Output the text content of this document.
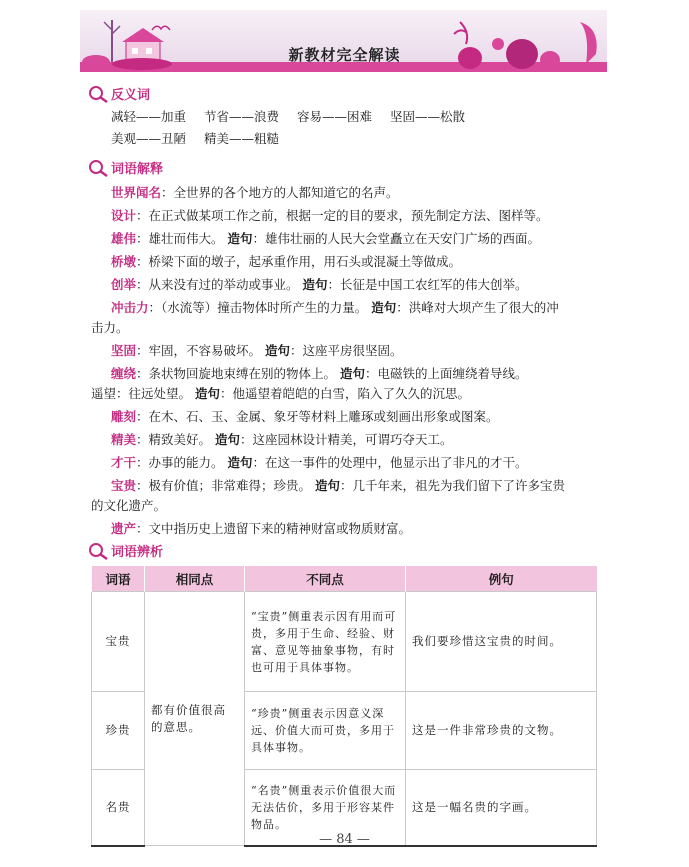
新教材完全解读
反义词
减轻——加重 节省——浪费 容易——困难 坚固——松散
美观——丑陋 精美——粗糙
词语解释
世界闻名：全世界的各个地方的人都知道它的名声。
设计：在正式做某项工作之前，根据一定的目的要求，预先制定方法、图样等。
雄伟：雄壮而伟大。 造句：雄伟壮丽的人民大会堂矗立在天安门广场的西面。
桥墩：桥梁下面的墩子，起承重作用，用石头或混凝土等做成。
创举：从来没有过的举动或事业。 造句：长征是中国工农红军的伟大创举。
冲击力：（水流等）撞击物体时所产生的力量。 造句：洪峰对大坝产生了很大的冲
击力。
坚固：牢固，不容易破坏。 造句：这座平房很坚固。
缠绕：条状物回旋地束缚在别的物体上。 造句：电磁铁的上面缠绕着导线。
遥望：往远处望。 造句：他遥望着皑皑的白雪，陷入了久久的沉思。
雕刻：在木、石、玉、金属、象牙等材料上雕琢或刻画出形象或图案。
精美：精致美好。 造句：这座园林设计精美，可谓巧夺天工。
才干：办事的能力。 造句：在这一事件的处理中，他显示出了非凡的才干。
宝贵：极有价值；非常难得；珍贵。 造句：几千年来，祖先为我们留下了许多宝贵
的文化遗产。
遗产：文中指历史上遗留下来的精神财富或物质财富。
词语辨析
词语	相同点	不同点	例句
宝贵	都有价值很高的意思。	“宝贵”侧重表示因有用而可贵，多用于生命、经验、财富、意见等抽象事物，有时也可用于具体事物。	我们要珍惜这宝贵的时间。
珍贵		“珍贵”侧重表示因意义深远、价值大而可贵，多用于具体事物。	这是一件非常珍贵的文物。
名贵		“名贵”侧重表示价值很大而无法估价，多用于形容某件物品。	这是一幅名贵的字画。
— 84 —
